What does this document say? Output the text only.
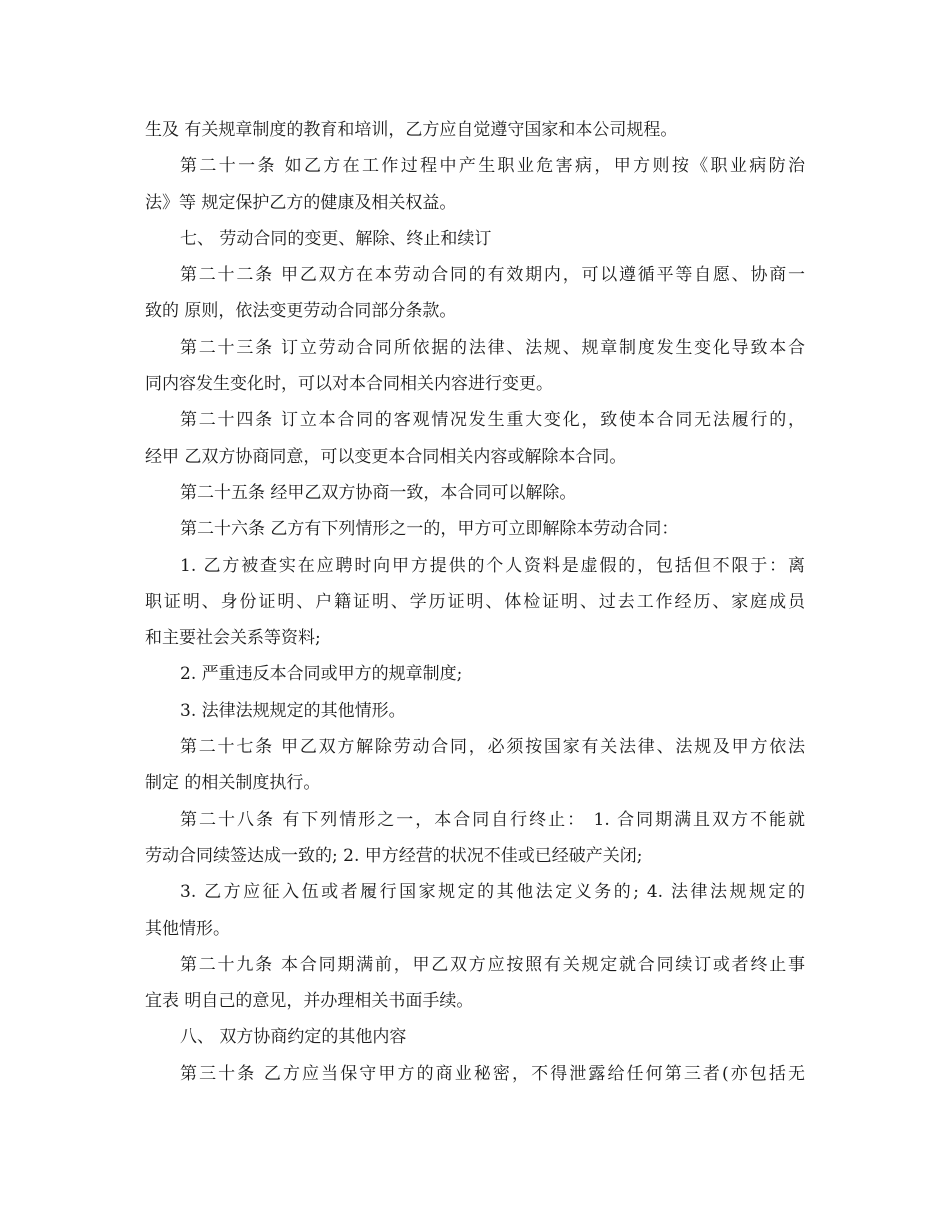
生及 有关规章制度的教育和培训，乙方应自觉遵守国家和本公司规程。
第二十一条 如乙方在工作过程中产生职业危害病，甲方则按《职业病防治
法》等 规定保护乙方的健康及相关权益。
七、 劳动合同的变更、解除、终止和续订
第二十二条 甲乙双方在本劳动合同的有效期内，可以遵循平等自愿、协商一
致的 原则，依法变更劳动合同部分条款。
第二十三条 订立劳动合同所依据的法律、法规、规章制度发生变化导致本合
同内容发生变化时，可以对本合同相关内容进行变更。
第二十四条 订立本合同的客观情况发生重大变化，致使本合同无法履行的，
经甲 乙双方协商同意，可以变更本合同相关内容或解除本合同。
第二十五条 经甲乙双方协商一致，本合同可以解除。
第二十六条 乙方有下列情形之一的，甲方可立即解除本劳动合同：
1. 乙方被查实在应聘时向甲方提供的个人资料是虚假的，包括但不限于：离
职证明、身份证明、户籍证明、学历证明、体检证明、过去工作经历、家庭成员
和主要社会关系等资料;
2. 严重违反本合同或甲方的规章制度;
3. 法律法规规定的其他情形。
第二十七条 甲乙双方解除劳动合同，必须按国家有关法律、法规及甲方依法
制定 的相关制度执行。
第二十八条 有下列情形之一，本合同自行终止： 1. 合同期满且双方不能就
劳动合同续签达成一致的; 2. 甲方经营的状况不佳或已经破产关闭;
3. 乙方应征入伍或者履行国家规定的其他法定义务的; 4. 法律法规规定的
其他情形。
第二十九条 本合同期满前，甲乙双方应按照有关规定就合同续订或者终止事
宜表 明自己的意见，并办理相关书面手续。
八、 双方协商约定的其他内容
第三十条 乙方应当保守甲方的商业秘密，不得泄露给任何第三者(亦包括无
